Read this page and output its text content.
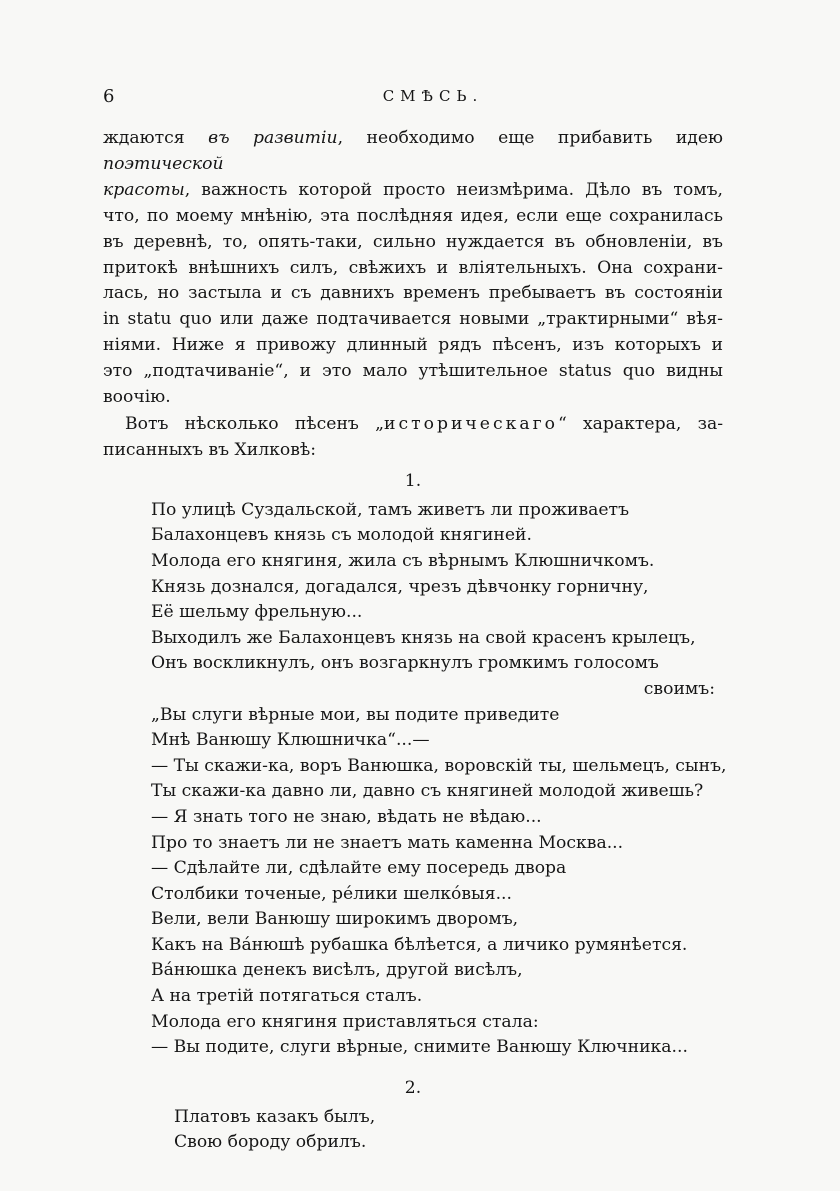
6	СМѢСЬ.
ждаются въ развитіи, необходимо еще прибавить идею поэтической
красоты, важность которой просто неизмѣрима. Дѣло въ томъ,
что, по моему мнѣнію, эта послѣдняя идея, если еще сохранилась
въ деревнѣ, то, опять-таки, сильно нуждается въ обновленіи, въ
притокѣ внѣшнихъ силъ, свѣжихъ и вліятельныхъ. Она сохрани-
лась, но застыла и съ давнихъ временъ пребываетъ въ состояніи
in statu quo или даже подтачивается новыми „трактирными“ вѣя-
ніями. Ниже я привожу длинный рядъ пѣсенъ, изъ которыхъ и
это „подтачиваніе“, и это мало утѣшительное status quo видны
воочію.
Вотъ нѣсколько пѣсенъ „историческаго“ характера, за-
писанныхъ въ Хилковѣ:
1.
По улицѣ Суздальской, тамъ живетъ ли проживаетъ
Балахонцевъ князь съ молодой княгиней.
Молода его княгиня, жила съ вѣрнымъ Клюшничкомъ.
Князь дознался, догадался, чрезъ дѣвчонку горничну,
Её шельму фрельную...
Выходилъ же Балахонцевъ князь на свой красенъ крылецъ,
Онъ воскликнулъ, онъ возгаркнулъ громкимъ голосомъ
своимъ:
„Вы слуги вѣрные мои, вы подите приведите
Мнѣ Ванюшу Клюшничка“...—
— Ты скажи-ка, воръ Ванюшка, воровскій ты, шельмецъ, сынъ,
Ты скажи-ка давно ли, давно съ княгиней молодой живешь?
— Я знать того не знаю, вѣдать не вѣдаю...
Про то знаетъ ли не знаетъ мать каменна Москва...
— Сдѣлайте ли, сдѣлайте ему посередь двора
Столбики точеные, рéлики шелкóвыя...
Вели, вели Ванюшу широкимъ дворомъ,
Какъ на Вáнюшѣ рубашка бѣлѣется, а личико румянѣется.
Вáнюшка денекъ висѣлъ, другой висѣлъ,
А на третій потягаться сталъ.
Молода его княгиня приставляться стала:
— Вы подите, слуги вѣрные, снимите Ванюшу Ключника...
2.
Платовъ казакъ былъ,
Свою бороду обрилъ.
